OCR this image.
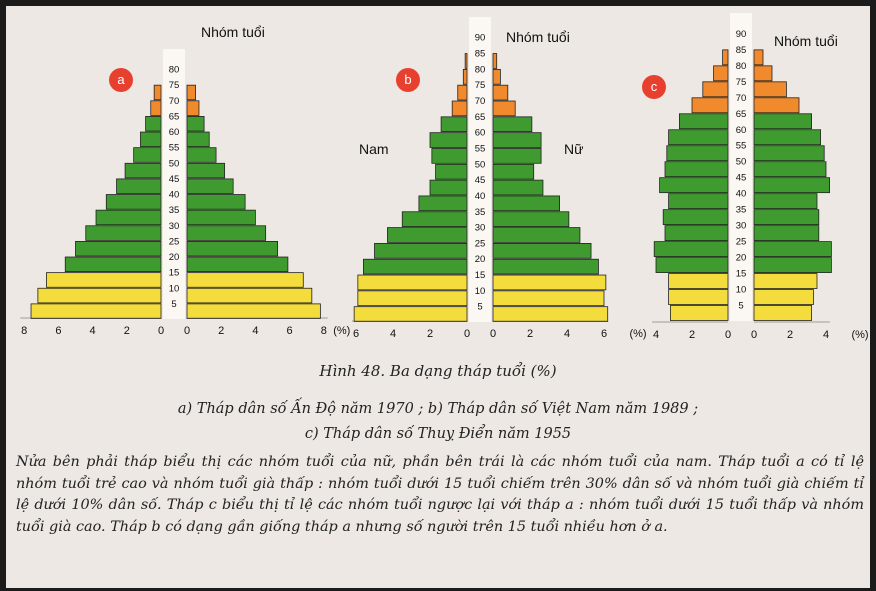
5
10
15
20
25
30
35
40
45
50
55
60
65
70
75
80
8	6	4	2	0 0	2	4	6	8 (%)
5
10
15
20
25
30
35
40
45
50
55
60
65
70
75
80
85
90
6	4	2	0 0	2	4	6 (%)
5
10
15
20
25
30
35
40
45
50
55
60
65
70
75
80
85
90
4	2	0 0	2	4 (%)
Hình 48. Ba dạng tháp tuổi (%)
a) Tháp dân số Ấn Độ năm 1970 ; b) Tháp dân số Việt Nam năm 1989 ;
c) Tháp dân số Thuỵ Điển năm 1955

Nửa bên phải tháp biểu thị các nhóm tuổi của nữ, phần bên trái là các nhóm tuổi của nam. Tháp tuổi a có tỉ lệ nhóm tuổi trẻ cao và nhóm tuổi già thấp : nhóm tuổi dưới 15 tuổi chiếm trên 30% dân số và nhóm tuổi già chiếm tỉ lệ dưới 10% dân số. Tháp c biểu thị tỉ lệ các nhóm tuổi ngược lại với tháp a : nhóm tuổi dưới 15 tuổi thấp và nhóm tuổi già cao. Tháp b có dạng gần giống tháp a nhưng số người trên 15 tuổi nhiều hơn ở a.

a
Nhóm tuổi
b
Nhóm tuổi
Nam	Nữ
c
Nhóm tuổi
